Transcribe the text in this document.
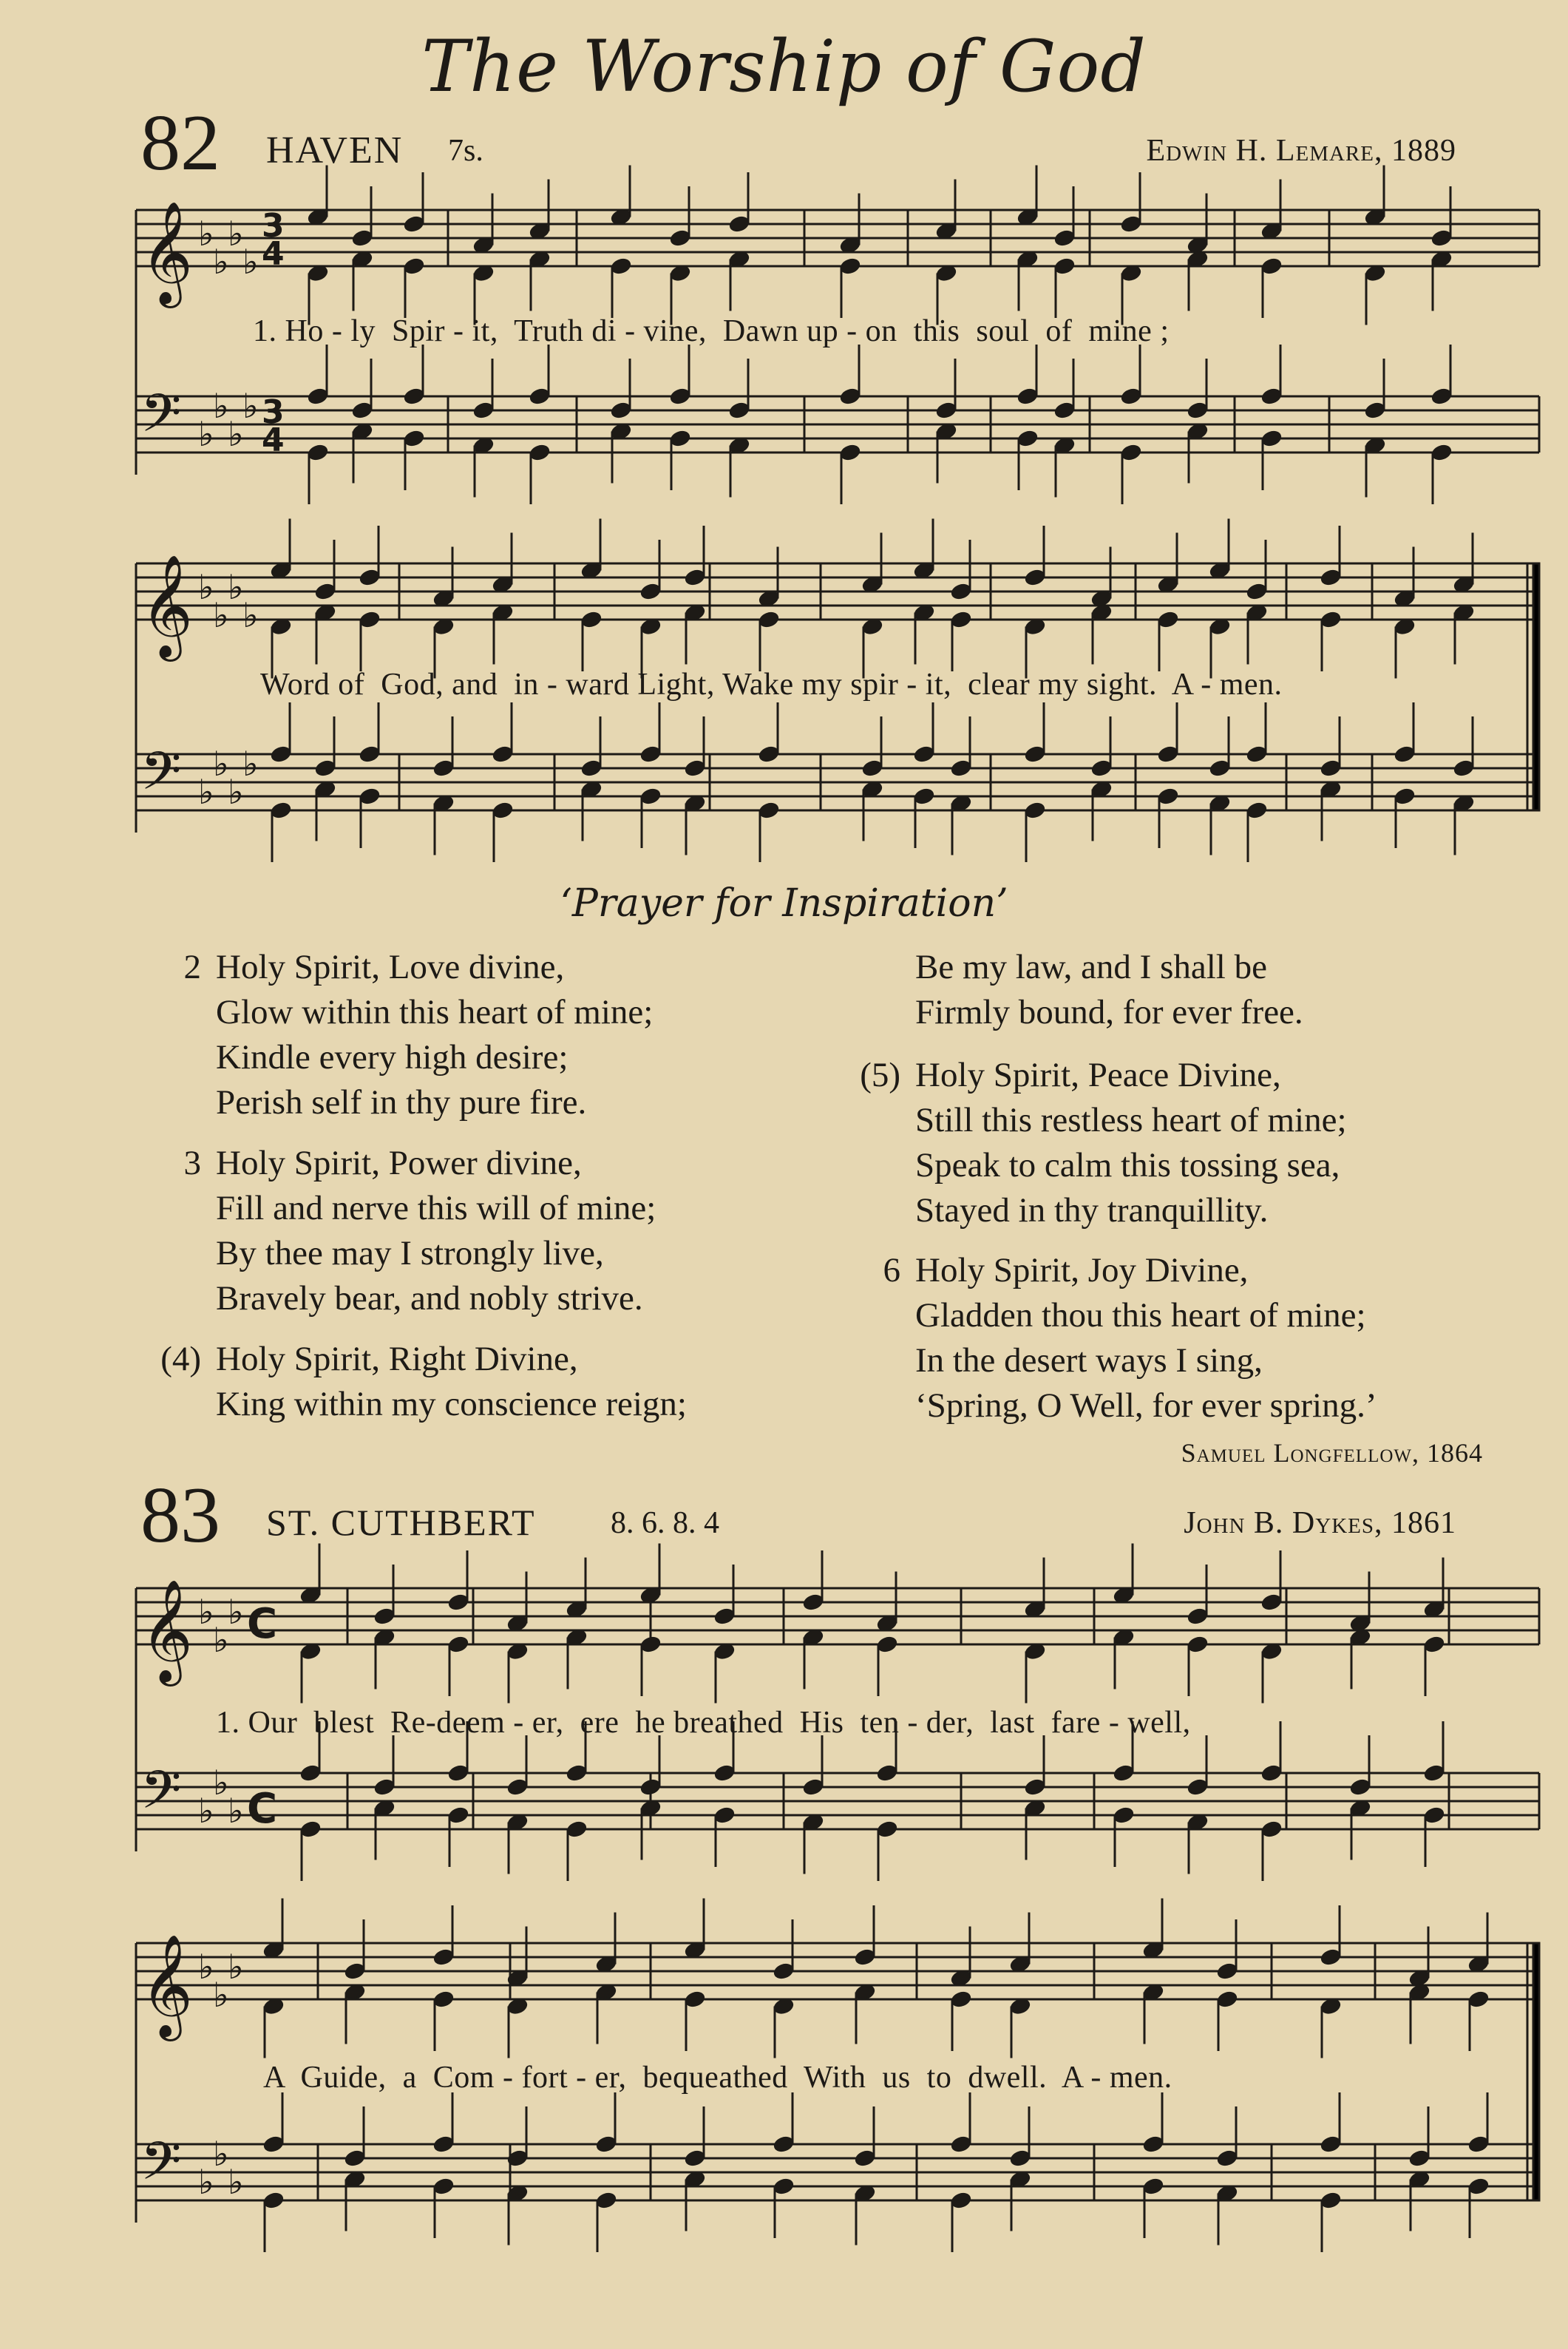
The Worship of God
82 HAVEN 7s.	Edwin H. Lemare, 1889
𝄞
𝄢
♭
♭
♭
♭
♭
♭
♭
♭
3
4
3
4
𝄞
𝄢
♭
♭
♭
♭
♭
♭
♭
♭
𝄞
𝄢
♭
♭
♭
♭
♭
♭
C
C
𝄞
𝄢
♭
♭
♭
♭
♭
♭
1. Ho - ly  Spir - it,  Truth di - vine,  Dawn up - on  this  soul  of  mine ;
Word of  God, and  in - ward Light, Wake my spir - it,  clear my sight.  A - men.
‘Prayer for Inspiration’
2 Holy Spirit, Love divine,
Glow within this heart of mine;
Kindle every high desire;
Perish self in thy pure fire.
3 Holy Spirit, Power divine,
Fill and nerve this will of mine;
By thee may I strongly live,
Bravely bear, and nobly strive.
(4) Holy Spirit, Right Divine,
King within my conscience reign;
Be my law, and I shall be
Firmly bound, for ever free.
(5) Holy Spirit, Peace Divine,
Still this restless heart of mine;
Speak to calm this tossing sea,
Stayed in thy tranquillity.
6 Holy Spirit, Joy Divine,
Gladden thou this heart of mine;
In the desert ways I sing,
‘Spring, O Well, for ever spring.’
Samuel Longfellow, 1864
83 ST. CUTHBERT 8. 6. 8. 4	John B. Dykes, 1861
1. Our  blest  Re-deem - er,  ere  he breathed  His  ten - der,  last  fare - well,
A  Guide,  a  Com - fort - er,  bequeathed  With  us  to  dwell.  A - men.
